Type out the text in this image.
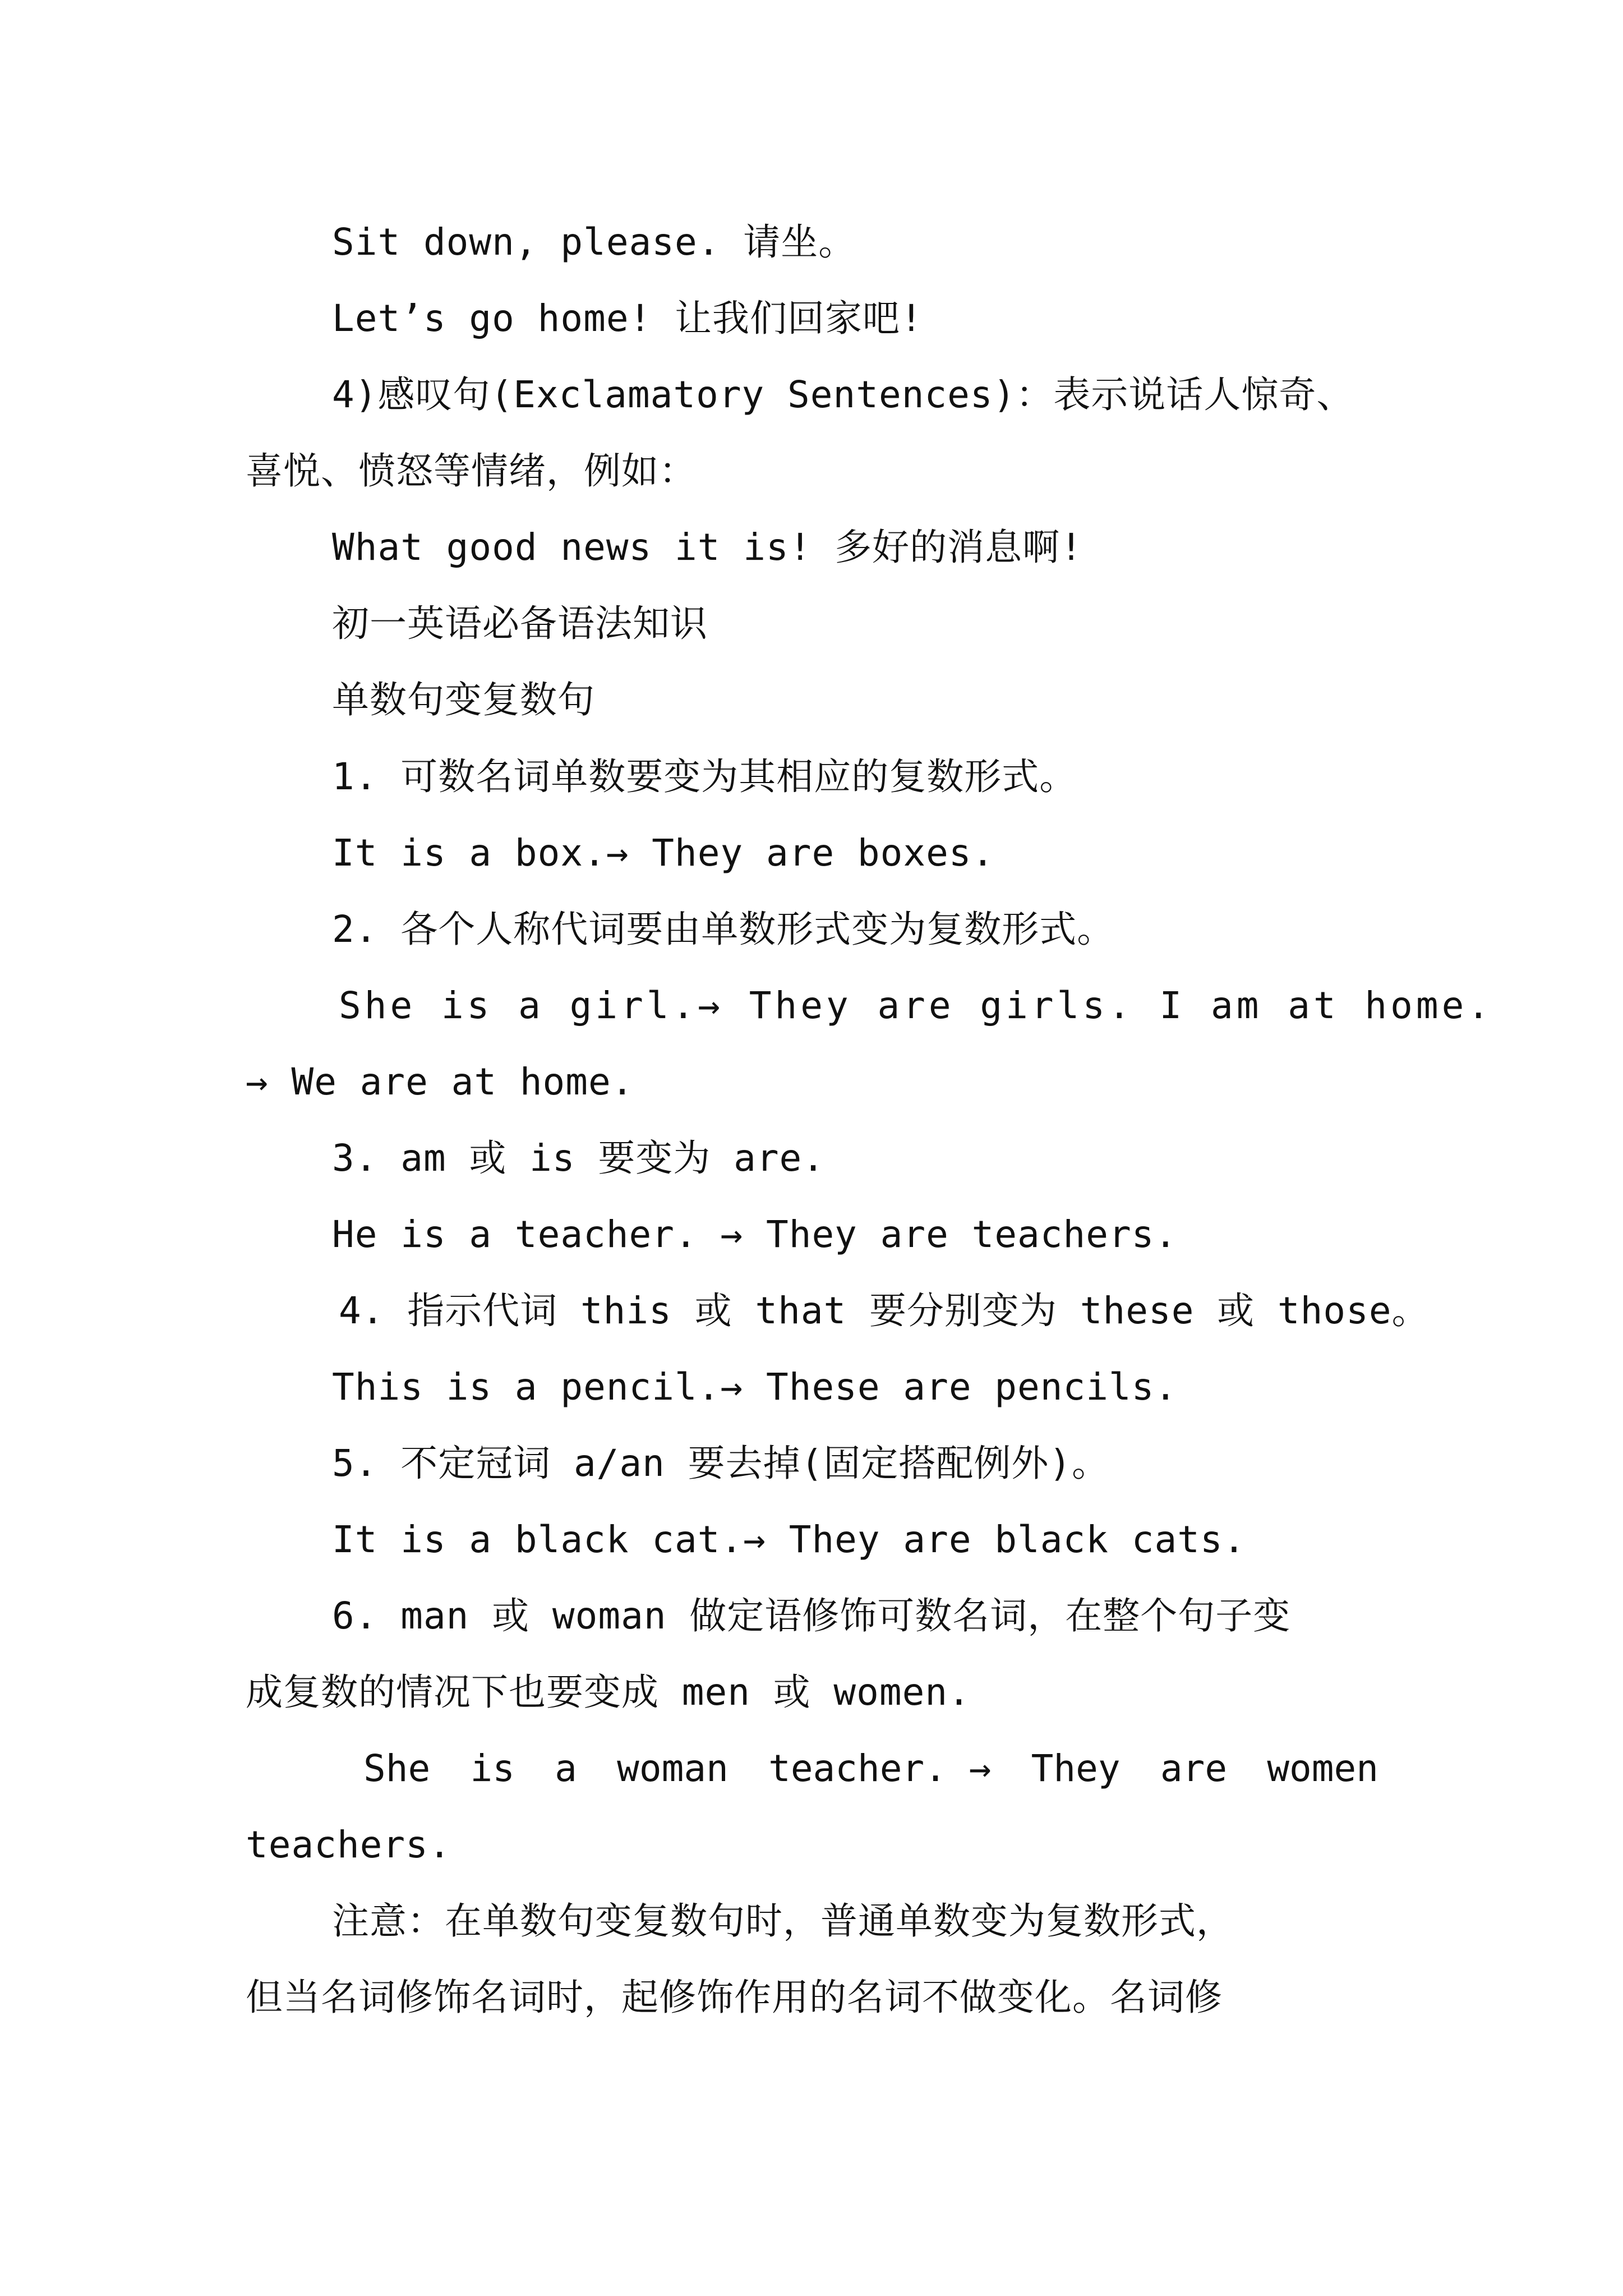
Sit down, please. 请坐。

Let’s go home! 让我们回家吧!

4)感叹句(Exclamatory Sentences)：表示说话人惊奇、

喜悦、愤怒等情绪，例如：

What good news it is! 多好的消息啊!

初一英语必备语法知识

单数句变复数句

1. 可数名词单数要变为其相应的复数形式。

It is a box.→ They are boxes.

2. 各个人称代词要由单数形式变为复数形式。

She is a girl.→ They are girls. I am at home.

→ We are at home.

3. am 或 is 要变为 are.

He is a teacher. → They are teachers.

4. 指示代词 this 或 that 要分别变为 these 或 those。

This is a pencil.→ These are pencils.

5. 不定冠词 a/an 要去掉(固定搭配例外)。

It is a black cat.→ They are black cats.

6. man 或 woman 做定语修饰可数名词，在整个句子变

成复数的情况下也要变成 men 或 women.

She is a woman teacher. → They are women

teachers.

注意：在单数句变复数句时，普通单数变为复数形式，

但当名词修饰名词时，起修饰作用的名词不做变化。名词修
